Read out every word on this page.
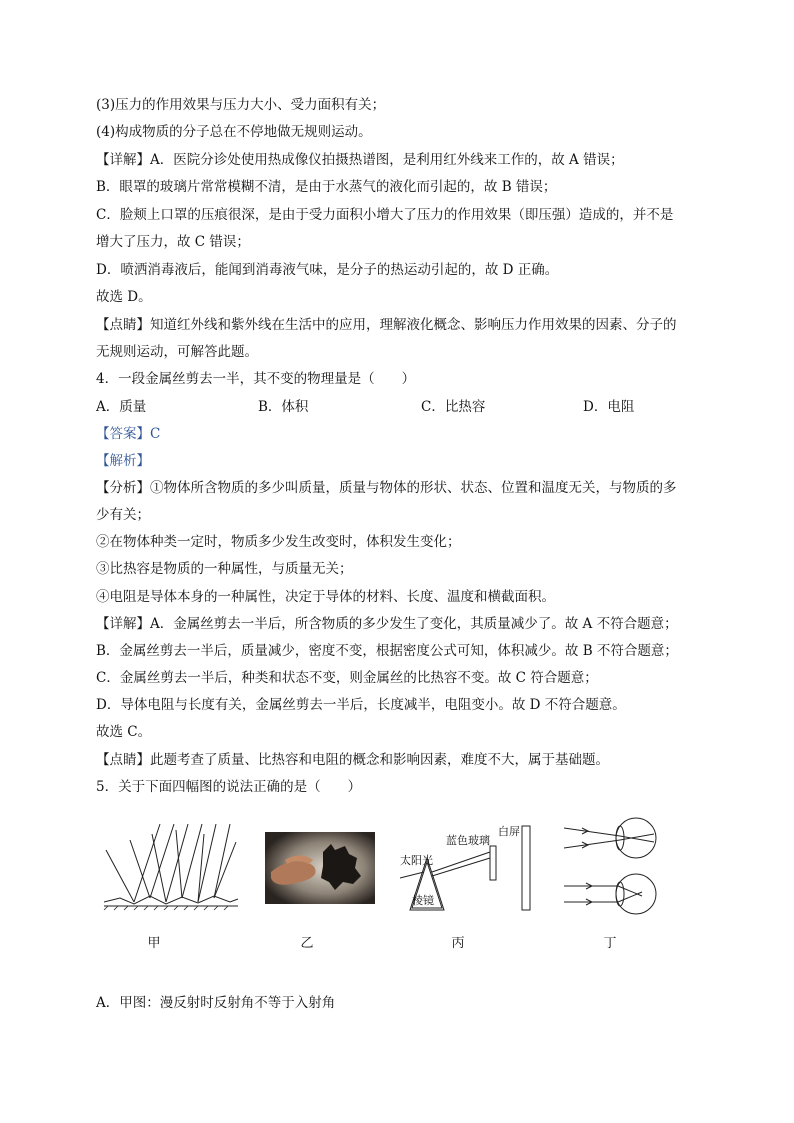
(3)压力的作用效果与压力大小、受力面积有关；
(4)构成物质的分子总在不停地做无规则运动。
【详解】A．医院分诊处使用热成像仪拍摄热谱图，是利用红外线来工作的，故 A 错误；
B．眼罩的玻璃片常常模糊不清，是由于水蒸气的液化而引起的，故 B 错误；
C．脸颊上口罩的压痕很深，是由于受力面积小增大了压力的作用效果（即压强）造成的，并不是
增大了压力，故 C 错误；
D．喷洒消毒液后，能闻到消毒液气味，是分子的热运动引起的，故 D 正确。
故选 D。
【点睛】知道红外线和紫外线在生活中的应用，理解液化概念、影响压力作用效果的因素、分子的
无规则运动，可解答此题。
4．一段金属丝剪去一半，其不变的物理量是（　　）
A．质量	B．体积	C．比热容	D．电阻
【答案】C
【解析】
【分析】①物体所含物质的多少叫质量，质量与物体的形状、状态、位置和温度无关，与物质的多
少有关；
②在物体种类一定时，物质多少发生改变时，体积发生变化；
③比热容是物质的一种属性，与质量无关；
④电阻是导体本身的一种属性，决定于导体的材料、长度、温度和横截面积。
【详解】A．金属丝剪去一半后，所含物质的多少发生了变化，其质量减少了。故 A 不符合题意；
B．金属丝剪去一半后，质量减少，密度不变，根据密度公式可知，体积减少。故 B 不符合题意；
C．金属丝剪去一半后，种类和状态不变，则金属丝的比热容不变。故 C 符合题意；
D．导体电阻与长度有关，金属丝剪去一半后，长度减半，电阻变小。故 D 不符合题意。
故选 C。
【点睛】此题考查了质量、比热容和电阻的概念和影响因素，难度不大，属于基础题。
5．关于下面四幅图的说法正确的是（　　）
甲	乙
蓝色玻璃
白屏
太阳光
棱镜
丙	丁
A．甲图：漫反射时反射角不等于入射角
